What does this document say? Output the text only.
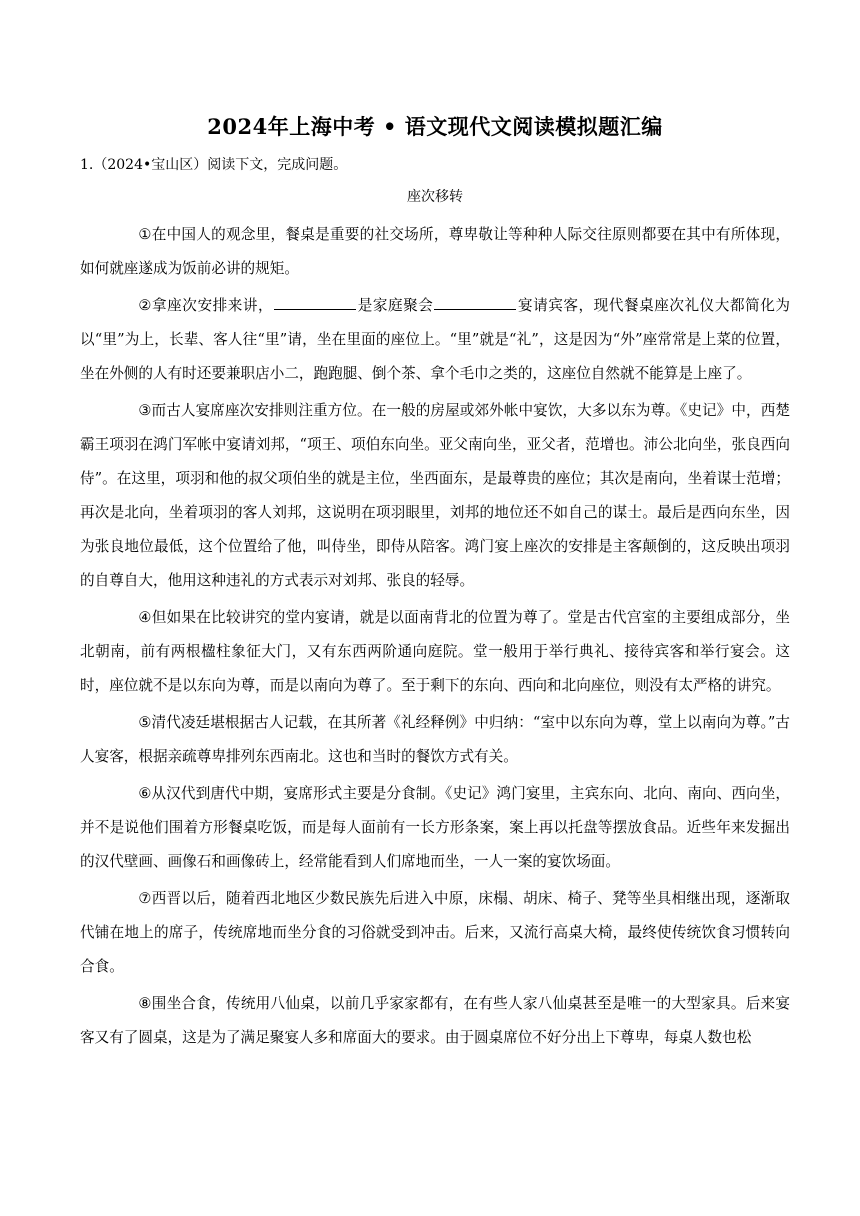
2024年上海中考 • 语文现代文阅读模拟题汇编
1.（2024•宝山区）阅读下文，完成问题。
座次移转

①在中国人的观念里，餐桌是重要的社交场所，尊卑敬让等种种人际交往原则都要在其中有所体现，如何就座遂成为饭前必讲的规矩。

②拿座次安排来讲，	是家庭聚会	宴请宾客，现代餐桌座次礼仪大都简化为以“里”为上，长辈、客人往“里”请，坐在里面的座位上。“里”就是“礼”，这是因为“外”座常常是上菜的位置，坐在外侧的人有时还要兼职店小二，跑跑腿、倒个茶、拿个毛巾之类的，这座位自然就不能算是上座了。

③而古人宴席座次安排则注重方位。在一般的房屋或郊外帐中宴饮，大多以东为尊。《史记》中，西楚霸王项羽在鸿门军帐中宴请刘邦，“项王、项伯东向坐。亚父南向坐，亚父者，范增也。沛公北向坐，张良西向侍”。在这里，项羽和他的叔父项伯坐的就是主位，坐西面东，是最尊贵的座位；其次是南向，坐着谋士范增；再次是北向，坐着项羽的客人刘邦，这说明在项羽眼里，刘邦的地位还不如自己的谋士。最后是西向东坐，因为张良地位最低，这个位置给了他，叫侍坐，即侍从陪客。鸿门宴上座次的安排是主客颠倒的，这反映出项羽的自尊自大，他用这种违礼的方式表示对刘邦、张良的轻辱。

④但如果在比较讲究的堂内宴请，就是以面南背北的位置为尊了。堂是古代宫室的主要组成部分，坐北朝南，前有两根楹柱象征大门，又有东西两阶通向庭院。堂一般用于举行典礼、接待宾客和举行宴会。这时，座位就不是以东向为尊，而是以南向为尊了。至于剩下的东向、西向和北向座位，则没有太严格的讲究。

⑤清代凌廷堪根据古人记载，在其所著《礼经释例》中归纳：“室中以东向为尊，堂上以南向为尊。”古人宴客，根据亲疏尊卑排列东西南北。这也和当时的餐饮方式有关。

⑥从汉代到唐代中期，宴席形式主要是分食制。《史记》鸿门宴里，主宾东向、北向、南向、西向坐，并不是说他们围着方形餐桌吃饭，而是每人面前有一长方形条案，案上再以托盘等摆放食品。近些年来发掘出的汉代壁画、画像石和画像砖上，经常能看到人们席地而坐，一人一案的宴饮场面。

⑦西晋以后，随着西北地区少数民族先后进入中原，床榻、胡床、椅子、凳等坐具相继出现，逐渐取代铺在地上的席子，传统席地而坐分食的习俗就受到冲击。后来，又流行高桌大椅，最终使传统饮食习惯转向合食。

⑧围坐合食，传统用八仙桌，以前几乎家家都有，在有些人家八仙桌甚至是唯一的大型家具。后来宴客又有了圆桌，这是为了满足聚宴人多和席面大的要求。由于圆桌席位不好分出上下尊卑，每桌人数也松
